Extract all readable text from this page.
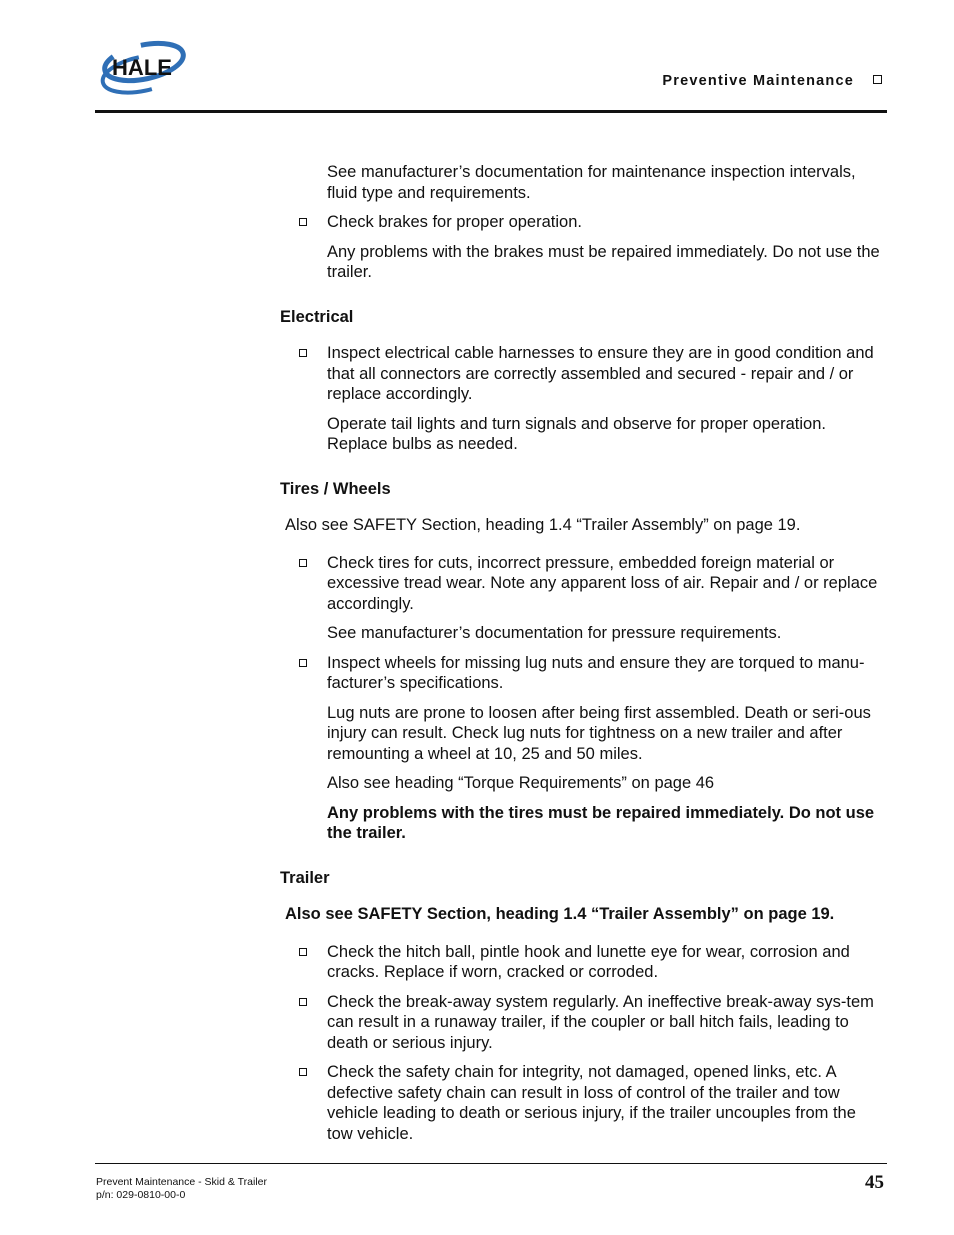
HALE
Preventive Maintenance

See manufacturer’s documentation for maintenance inspection intervals, fluid type and requirements.

Check brakes for proper operation.

Any problems with the brakes must be repaired immediately. Do not use the trailer.

Electrical
Inspect electrical cable harnesses to ensure they are in good condition and that all connectors are correctly assembled and secured - repair and / or replace accordingly.

Operate tail lights and turn signals and observe for proper operation. Replace bulbs as needed.

Tires / Wheels

Also see SAFETY Section, heading 1.4 “Trailer Assembly” on page 19.

Check tires for cuts, incorrect pressure, embedded foreign material or excessive tread wear. Note any apparent loss of air. Repair and / or replace accordingly.

See manufacturer’s documentation for pressure requirements.

Inspect wheels for missing lug nuts and ensure they are torqued to manu-facturer’s specifications.

Lug nuts are prone to loosen after being first assembled. Death or seri-ous injury can result. Check lug nuts for tightness on a new trailer and after remounting a wheel at 10, 25 and 50 miles.

Also see heading “Torque Requirements” on page 46

Any problems with the tires must be repaired immediately. Do not use the trailer.

Trailer

Also see SAFETY Section, heading 1.4 “Trailer Assembly” on page 19.

Check the hitch ball, pintle hook and lunette eye for wear, corrosion and cracks. Replace if worn, cracked or corroded.
Check the break-away system regularly. An ineffective break-away sys-tem can result in a runaway trailer, if the coupler or ball hitch fails, leading to death or serious injury.
Check the safety chain for integrity, not damaged, opened links, etc. A defective safety chain can result in loss of control of the trailer and tow vehicle leading to death or serious injury, if the trailer uncouples from the tow vehicle.
Prevent Maintenance - Skid & Trailer
p/n: 029-0810-00-0
45
